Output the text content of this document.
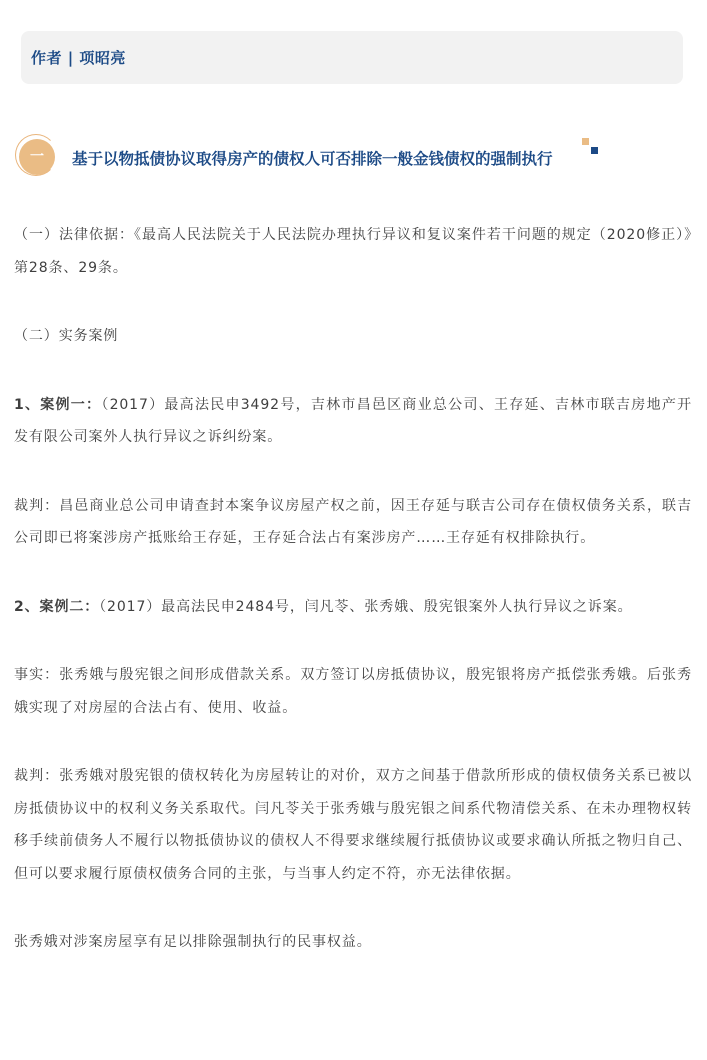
作者 | 项昭亮
一	基于以物抵债协议取得房产的债权人可否排除一般金钱债权的强制执行

（一）法律依据：《最高人民法院关于人民法院办理执行异议和复议案件若干问题的规定（2020修正）》第28条、29条。

（二）实务案例

1、案例一：（2017）最高法民申3492号，吉林市昌邑区商业总公司、王存延、吉林市联吉房地产开发有限公司案外人执行异议之诉纠纷案。

裁判：昌邑商业总公司申请查封本案争议房屋产权之前，因王存延与联吉公司存在债权债务关系，联吉公司即已将案涉房产抵账给王存延，王存延合法占有案涉房产……王存延有权排除执行。

2、案例二：（2017）最高法民申2484号，闫凡苓、张秀娥、殷宪银案外人执行异议之诉案。

事实：张秀娥与殷宪银之间形成借款关系。双方签订以房抵债协议，殷宪银将房产抵偿张秀娥。后张秀娥实现了对房屋的合法占有、使用、收益。

裁判：张秀娥对殷宪银的债权转化为房屋转让的对价，双方之间基于借款所形成的债权债务关系已被以房抵债协议中的权利义务关系取代。闫凡苓关于张秀娥与殷宪银之间系代物清偿关系、在未办理物权转移手续前债务人不履行以物抵债协议的债权人不得要求继续履行抵债协议或要求确认所抵之物归自己、但可以要求履行原债权债务合同的主张，与当事人约定不符，亦无法律依据。

张秀娥对涉案房屋享有足以排除强制执行的民事权益。
